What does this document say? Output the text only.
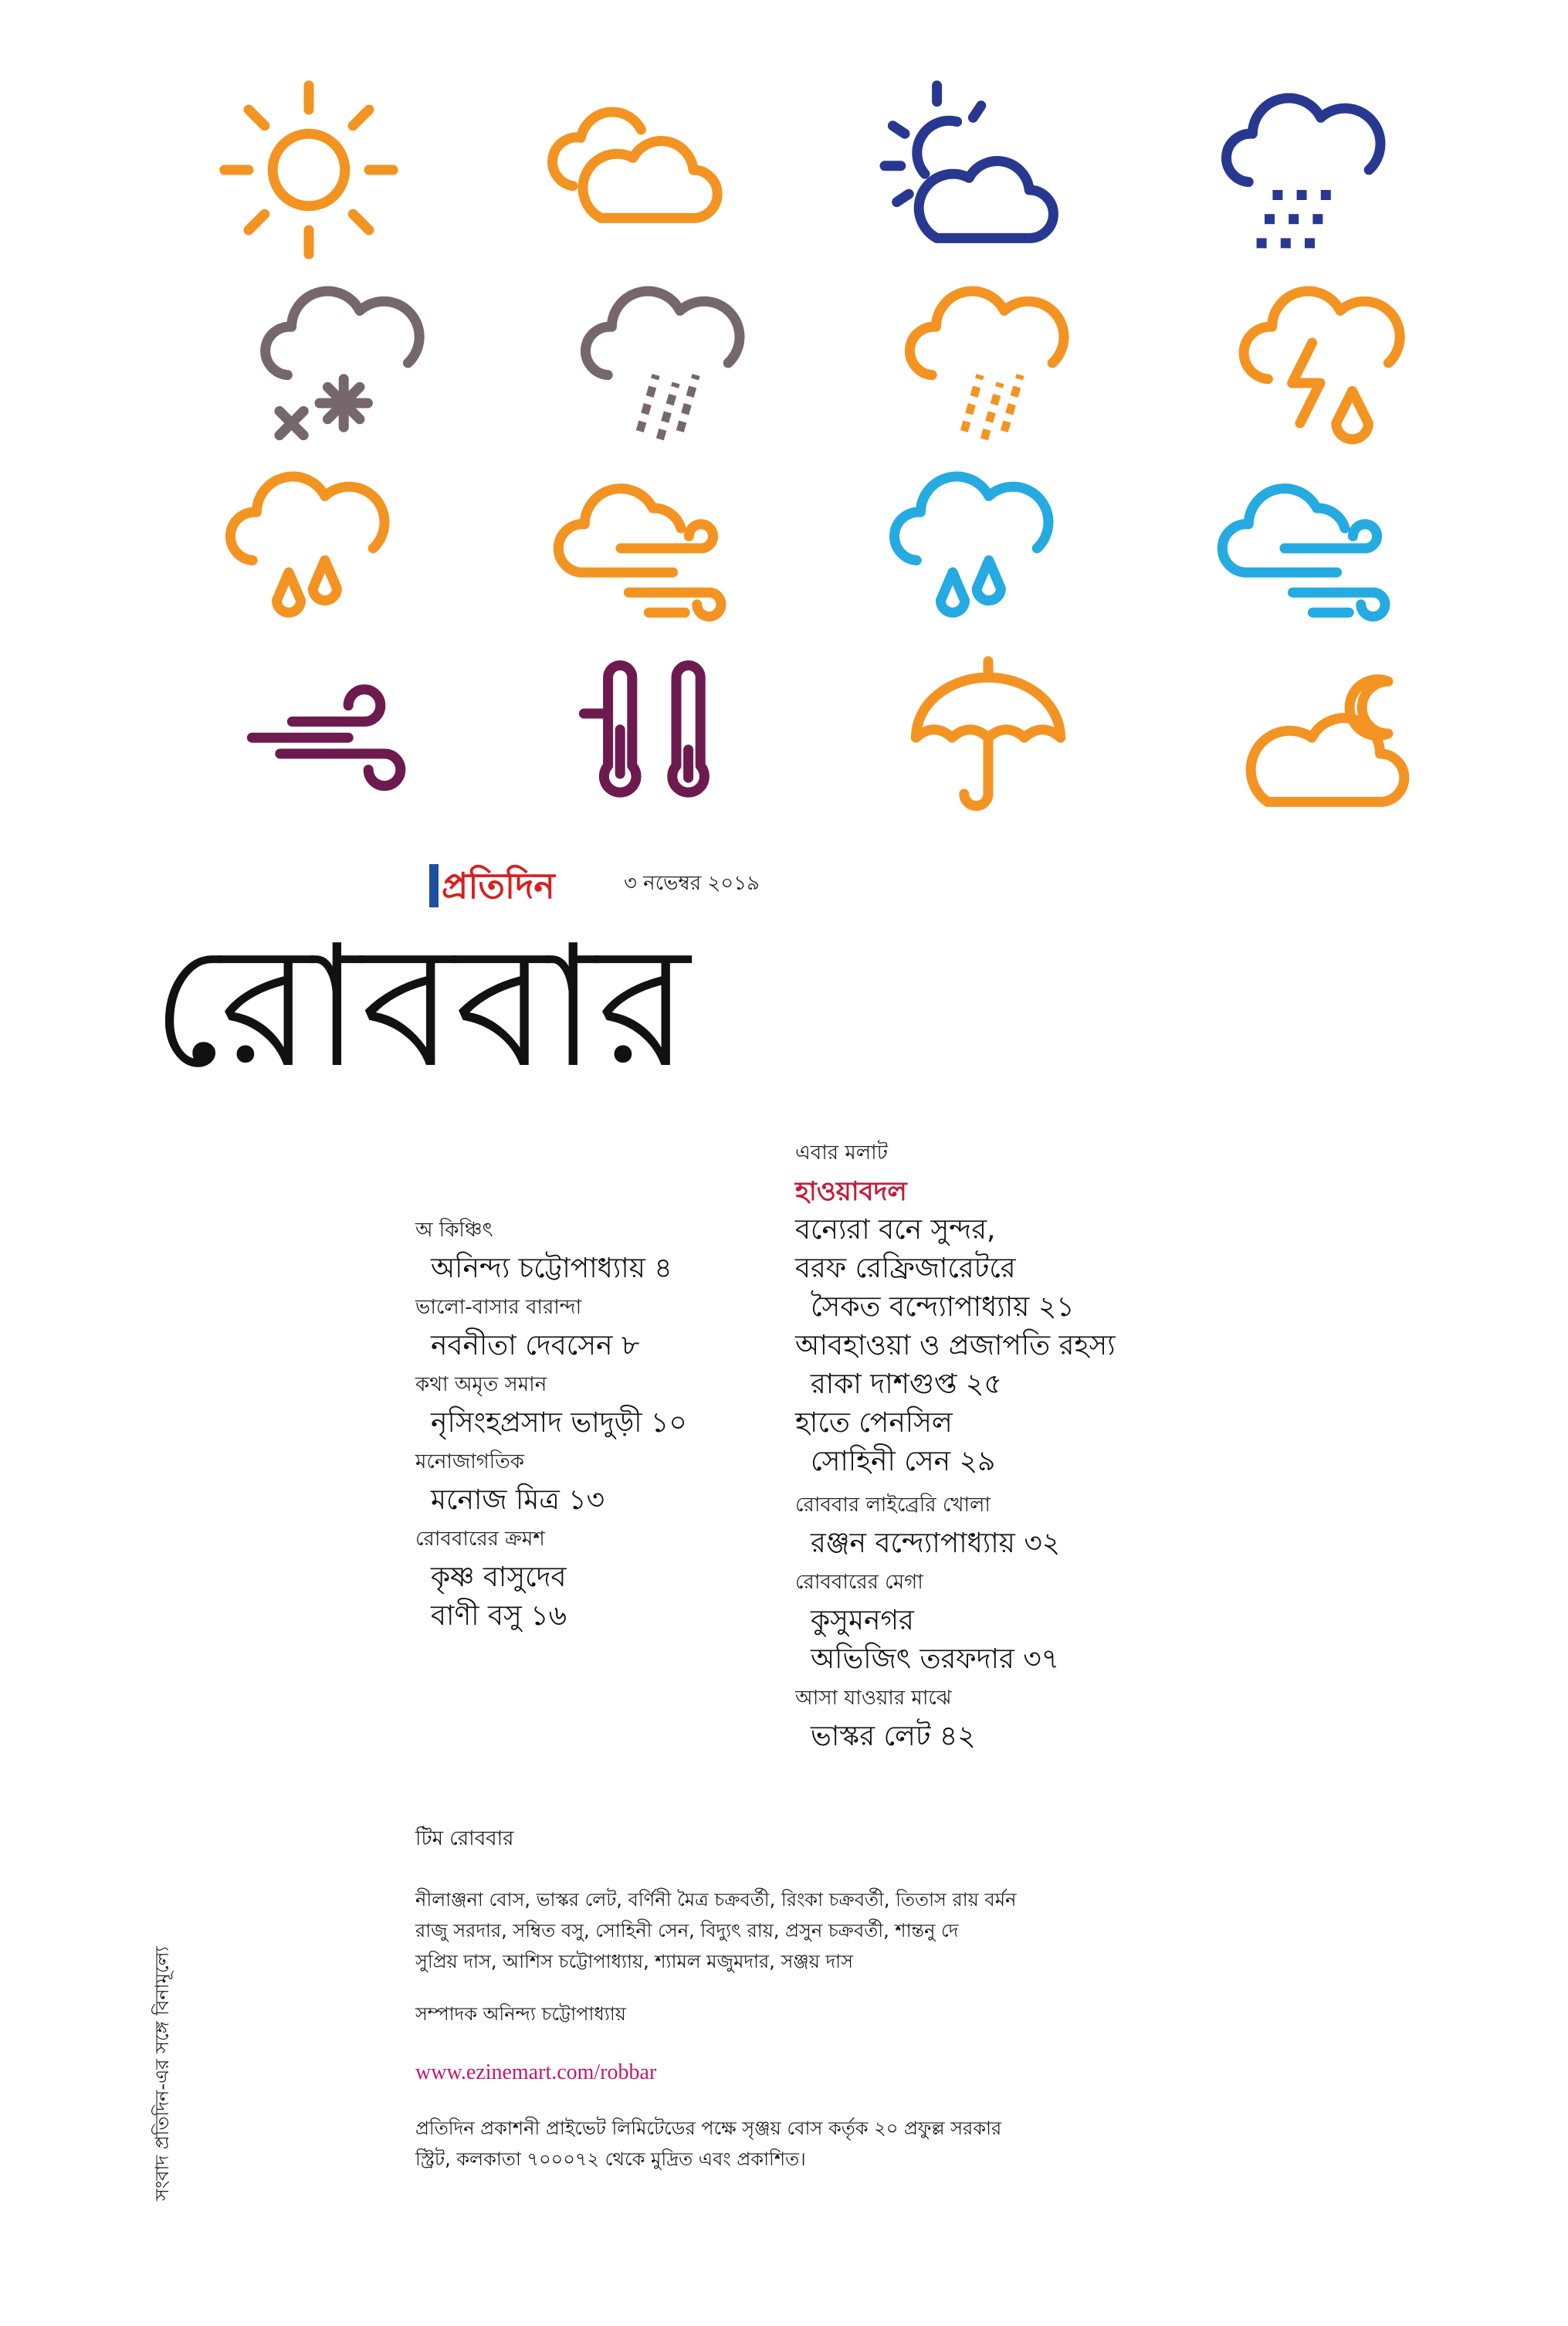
প্রতিদিন	৩ নভেম্বর ২০১৯
রোববার
অ কিঞ্চিৎ
অনিন্দ্য চট্টোপাধ্যায় ৪
ভালো-বাসার বারান্দা
নবনীতা দেবসেন ৮
কথা অমৃত সমান
নৃসিংহপ্রসাদ ভাদুড়ী ১০
মনোজাগতিক
মনোজ মিত্র ১৩
রোববারের ক্রমশ
কৃষ্ণ বাসুদেব
বাণী বসু ১৬
এবার মলাট
হাওয়াবদল
বন্যেরা বনে সুন্দর,
বরফ রেফ্রিজারেটরে
সৈকত বন্দ্যোপাধ্যায় ২১
আবহাওয়া ও প্রজাপতি রহস্য
রাকা দাশগুপ্ত ২৫
হাতে পেনসিল
সোহিনী সেন ২৯
রোববার লাইব্রেরি খোলা
রঞ্জন বন্দ্যোপাধ্যায় ৩২
রোববারের মেগা
কুসুমনগর
অভিজিৎ তরফদার ৩৭
আসা যাওয়ার মাঝে
ভাস্কর লেট ৪২
সংবাদ প্রতিদিন-এর সঙ্গে বিনামূল্যে
টিম রোববার
নীলাঞ্জনা বোস, ভাস্কর লেট, বর্ণিনী মৈত্র চক্রবর্তী, রিংকা চক্রবর্তী, তিতাস রায় বর্মন
রাজু সরদার, সম্বিত বসু, সোহিনী সেন, বিদ্যুৎ রায়, প্রসুন চক্রবর্তী, শান্তনু দে
সুপ্রিয় দাস, আশিস চট্টোপাধ্যায়, শ্যামল মজুমদার, সঞ্জয় দাস
সম্পাদক অনিন্দ্য চট্টোপাধ্যায়
www.ezinemart.com/robbar
প্রতিদিন প্রকাশনী প্রাইভেট লিমিটেডের পক্ষে সৃঞ্জয় বোস কর্তৃক ২০ প্রফুল্ল সরকার
স্ট্রিট, কলকাতা ৭০০০৭২ থেকে মুদ্রিত এবং প্রকাশিত।
